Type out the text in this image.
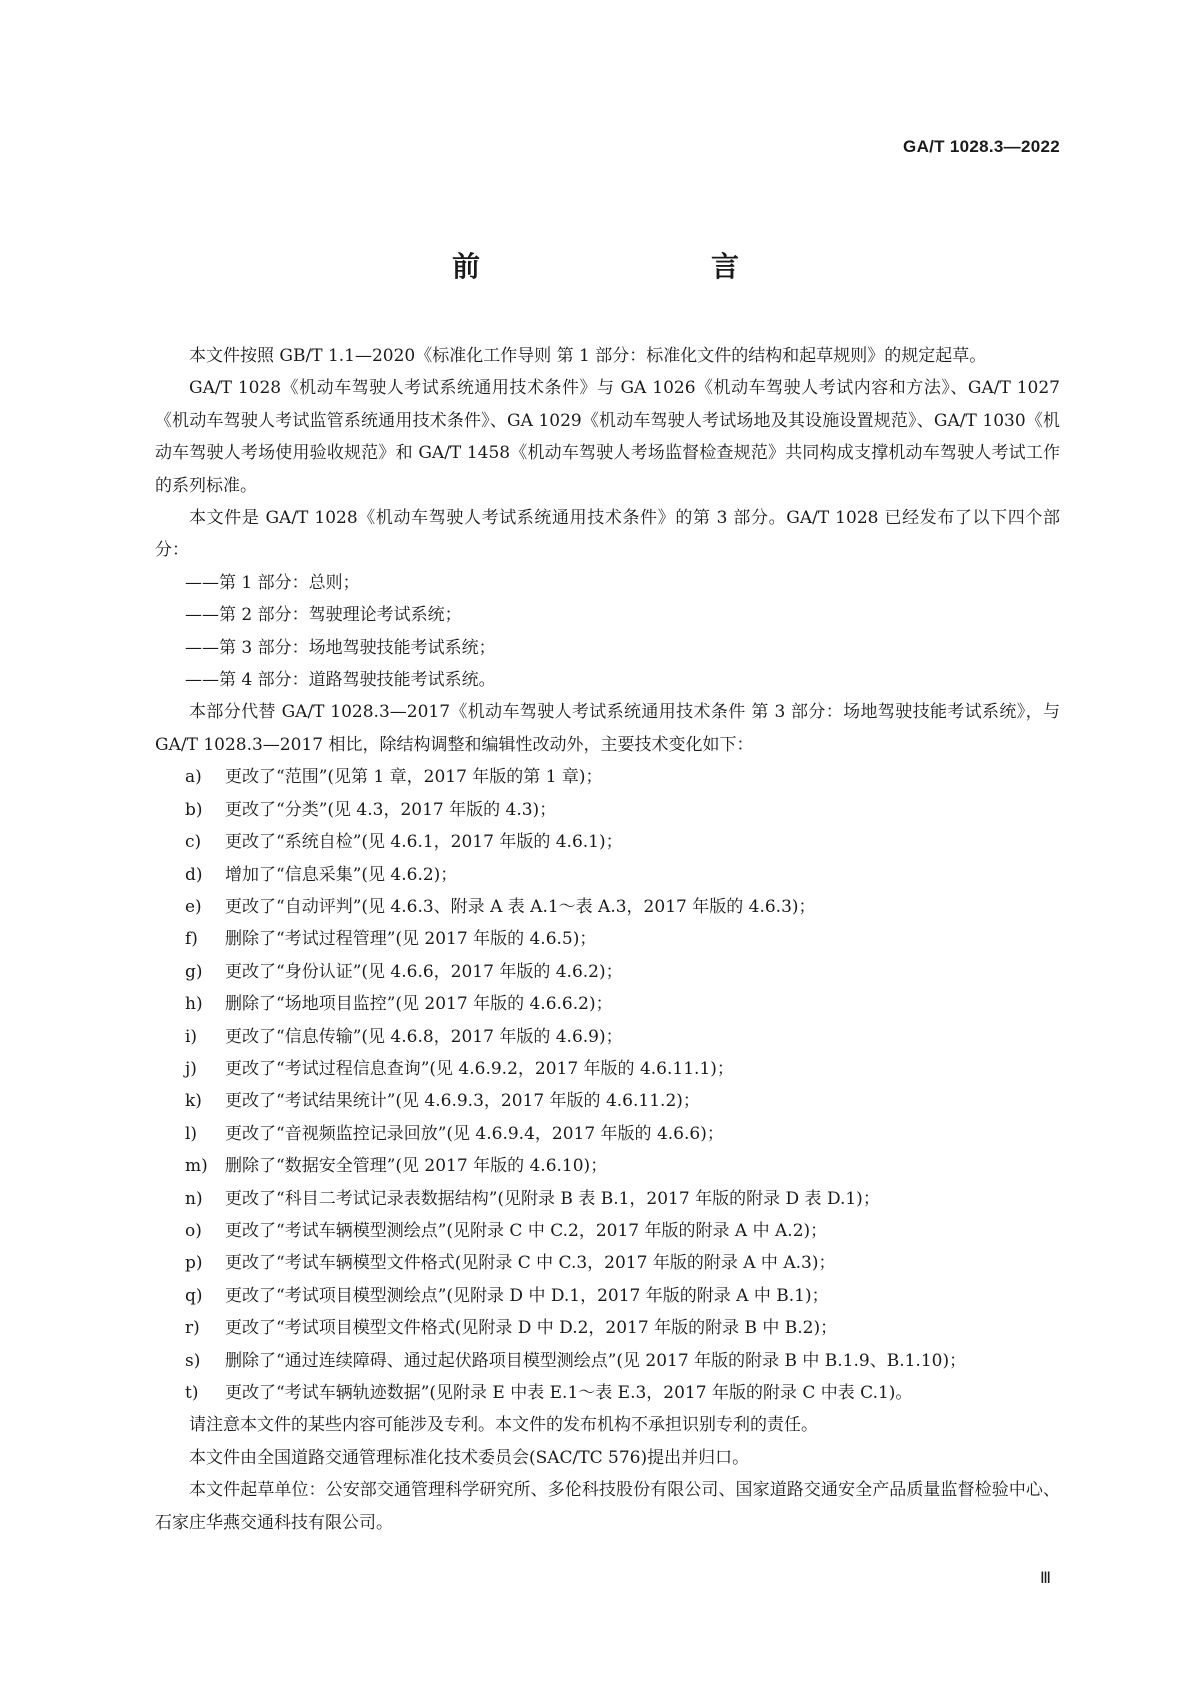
GA/T 1028.3—2022
前    言

本文件按照 GB/T 1.1—2020《标准化工作导则 第 1 部分：标准化文件的结构和起草规则》的规定起草。

GA/T 1028《机动车驾驶人考试系统通用技术条件》与 GA 1026《机动车驾驶人考试内容和方法》、GA/T 1027《机动车驾驶人考试监管系统通用技术条件》、GA 1029《机动车驾驶人考试场地及其设施设置规范》、GA/T 1030《机动车驾驶人考场使用验收规范》和 GA/T 1458《机动车驾驶人考场监督检查规范》共同构成支撑机动车驾驶人考试工作的系列标准。

本文件是 GA/T 1028《机动车驾驶人考试系统通用技术条件》的第 3 部分。GA/T 1028 已经发布了以下四个部分：

——第 1 部分：总则；

——第 2 部分：驾驶理论考试系统；

——第 3 部分：场地驾驶技能考试系统；

——第 4 部分：道路驾驶技能考试系统。

本部分代替 GA/T 1028.3—2017《机动车驾驶人考试系统通用技术条件 第 3 部分：场地驾驶技能考试系统》，与 GA/T 1028.3—2017 相比，除结构调整和编辑性改动外，主要技术变化如下：

a) 更改了“范围”(见第 1 章，2017 年版的第 1 章)；

b) 更改了“分类”(见 4.3，2017 年版的 4.3)；

c) 更改了“系统自检”(见 4.6.1，2017 年版的 4.6.1)；

d) 增加了“信息采集”(见 4.6.2)；

e) 更改了“自动评判”(见 4.6.3、附录 A 表 A.1～表 A.3，2017 年版的 4.6.3)；

f) 删除了“考试过程管理”(见 2017 年版的 4.6.5)；

g) 更改了“身份认证”(见 4.6.6，2017 年版的 4.6.2)；

h) 删除了“场地项目监控”(见 2017 年版的 4.6.6.2)；

i) 更改了“信息传输”(见 4.6.8，2017 年版的 4.6.9)；

j) 更改了“考试过程信息查询”(见 4.6.9.2，2017 年版的 4.6.11.1)；

k) 更改了“考试结果统计”(见 4.6.9.3，2017 年版的 4.6.11.2)；

l) 更改了“音视频监控记录回放”(见 4.6.9.4，2017 年版的 4.6.6)；

m) 删除了“数据安全管理”(见 2017 年版的 4.6.10)；

n) 更改了“科目二考试记录表数据结构”(见附录 B 表 B.1，2017 年版的附录 D 表 D.1)；

o) 更改了“考试车辆模型测绘点”(见附录 C 中 C.2，2017 年版的附录 A 中 A.2)；

p) 更改了“考试车辆模型文件格式(见附录 C 中 C.3，2017 年版的附录 A 中 A.3)；

q) 更改了“考试项目模型测绘点”(见附录 D 中 D.1，2017 年版的附录 A 中 B.1)；

r) 更改了“考试项目模型文件格式(见附录 D 中 D.2，2017 年版的附录 B 中 B.2)；

s) 删除了“通过连续障碍、通过起伏路项目模型测绘点”(见 2017 年版的附录 B 中 B.1.9、B.1.10)；

t) 更改了“考试车辆轨迹数据”(见附录 E 中表 E.1～表 E.3，2017 年版的附录 C 中表 C.1)。

请注意本文件的某些内容可能涉及专利。本文件的发布机构不承担识别专利的责任。

本文件由全国道路交通管理标准化技术委员会(SAC/TC 576)提出并归口。

本文件起草单位：公安部交通管理科学研究所、多伦科技股份有限公司、国家道路交通安全产品质量监督检验中心、石家庄华燕交通科技有限公司。

Ⅲ
